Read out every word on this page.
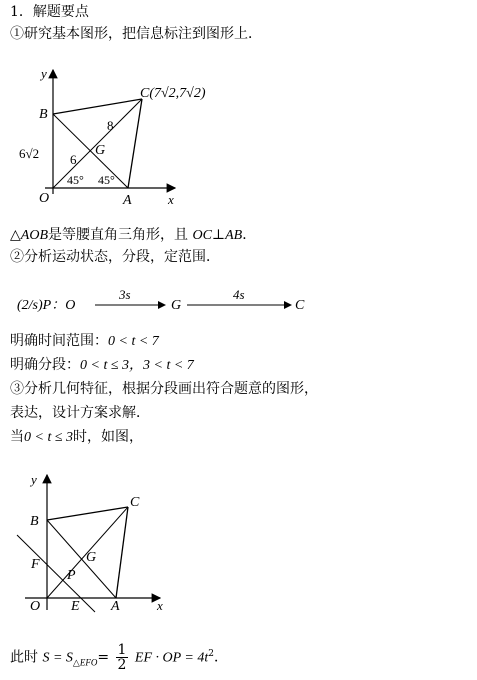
1．解题要点
①研究基本图形，把信息标注到图形上．
y
B
C(7√2,7√2)
8
G
6
6√2
45° 45°
O	A	x
△AOB是等腰直角三角形，且 OC⊥AB．
②分析运动状态，分段，定范围．
(2/s)P：O
3s
G
4s
C
明确时间范围：0 < t < 7
明确分段：0 < t ≤ 3，3 < t < 7
③分析几何特征，根据分段画出符合题意的图形，
表达，设计方案求解．
当0 < t ≤ 3时，如图，
y
B
C
F	G
P
O E A	x
此时 $S = S_{\triangle EFO}= \frac{1}{2}$ EF · OP = $4t^2$．
